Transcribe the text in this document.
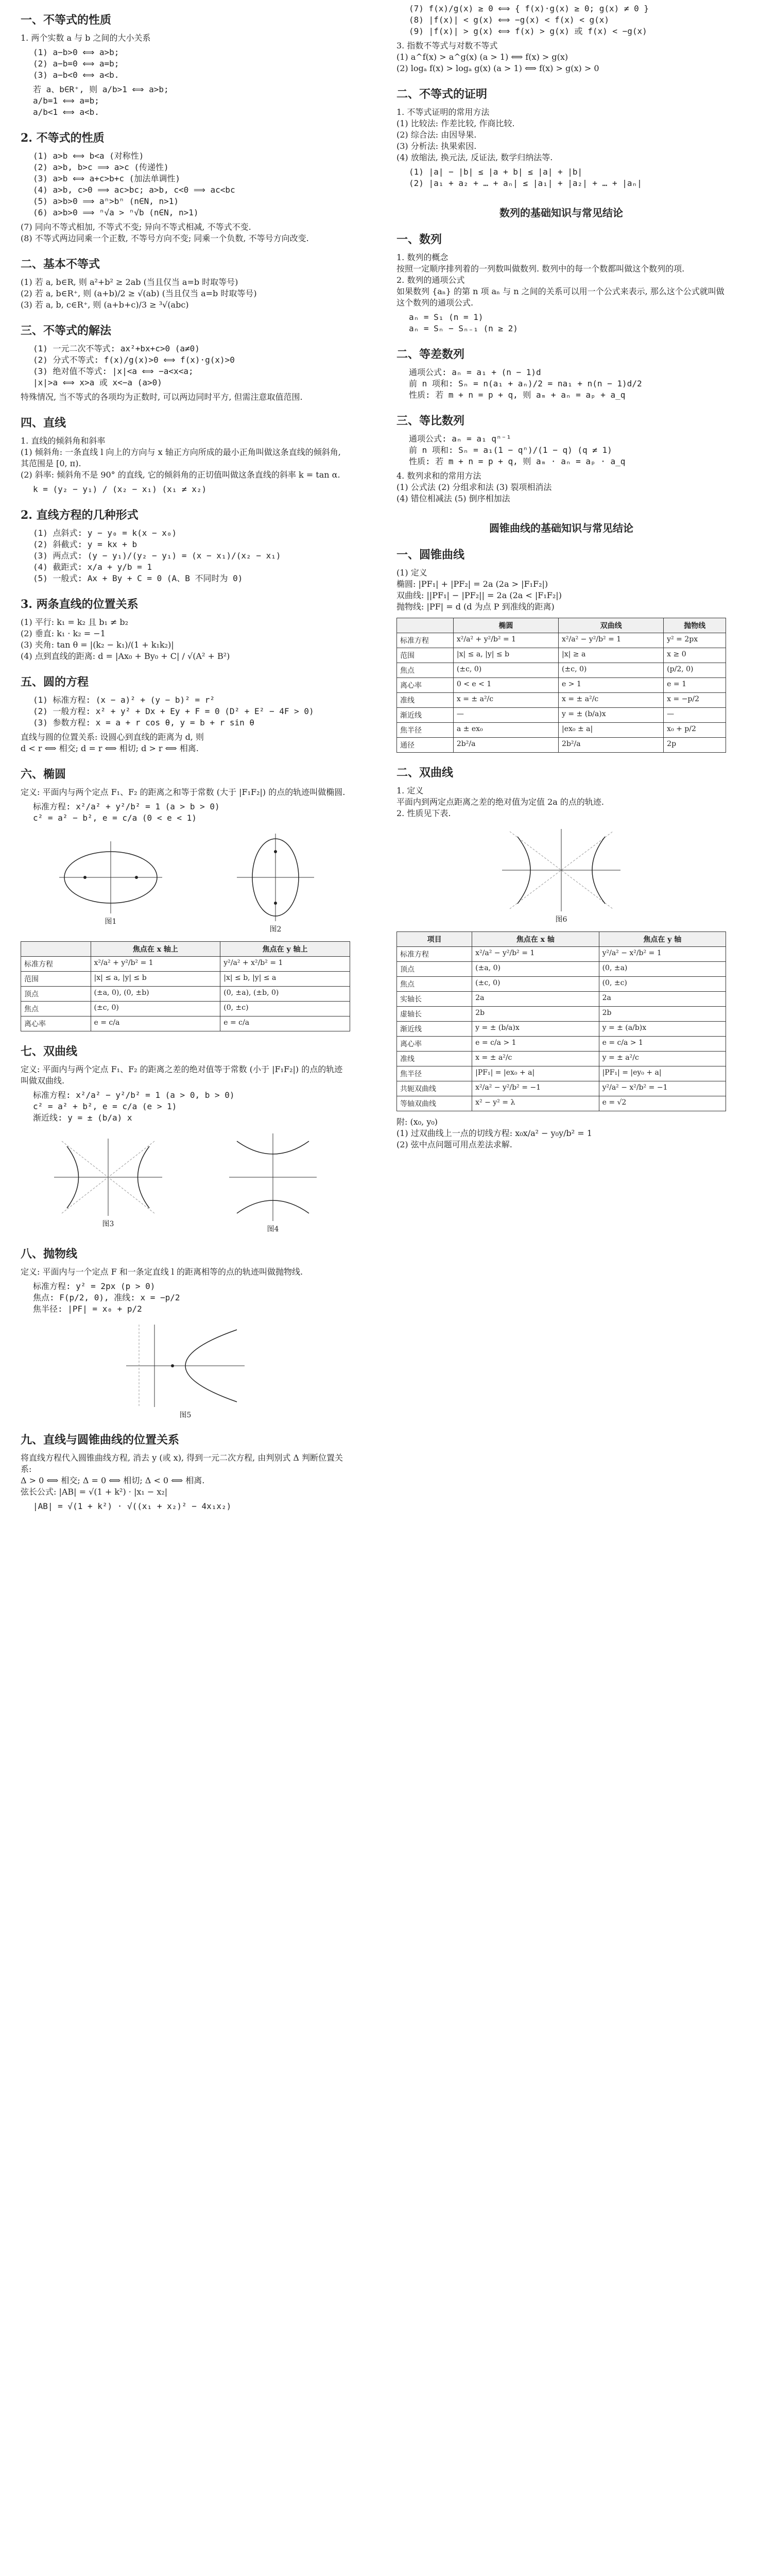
一、不等式的性质
1. 两个实数 a 与 b 之间的大小关系
(1) a−b>0 ⟺ a>b;
(2) a−b=0 ⟺ a=b;
(3) a−b<0 ⟺ a<b.
若 a、b∈R⁺, 则 a/b>1 ⟺ a>b;
a/b=1 ⟺ a=b;
a/b<1 ⟺ a<b.
2. 不等式的性质
(1) a>b ⟺ b<a (对称性)
(2) a>b, b>c ⟹ a>c (传递性)
(3) a>b ⟺ a+c>b+c (加法单调性)
(4) a>b, c>0 ⟹ ac>bc; a>b, c<0 ⟹ ac<bc
(5) a>b>0 ⟹ aⁿ>bⁿ (n∈N, n>1)
(6) a>b>0 ⟹ ⁿ√a > ⁿ√b (n∈N, n>1)
(7) 同向不等式相加, 不等式不变; 异向不等式相减, 不等式不变.
(8) 不等式两边同乘一个正数, 不等号方向不变; 同乘一个负数, 不等号方向改变.
二、基本不等式
(1) 若 a, b∈R, 则 a²+b² ≥ 2ab (当且仅当 a=b 时取等号)
(2) 若 a, b∈R⁺, 则 (a+b)/2 ≥ √(ab) (当且仅当 a=b 时取等号)
(3) 若 a, b, c∈R⁺, 则 (a+b+c)/3 ≥ ³√(abc)
三、不等式的解法
(1) 一元二次不等式: ax²+bx+c>0 (a≠0)
(2) 分式不等式: f(x)/g(x)>0 ⟺ f(x)·g(x)>0
(3) 绝对值不等式: |x|<a ⟺ −a<x<a;
|x|>a ⟺ x>a 或 x<−a (a>0)
特殊情况, 当不等式的各项均为正数时, 可以两边同时平方, 但需注意取值范围.
四、直线
1. 直线的倾斜角和斜率
(1) 倾斜角: 一条直线 l 向上的方向与 x 轴正方向所成的最小正角叫做这条直线的倾斜角, 其范围是 [0, π).
(2) 斜率: 倾斜角不是 90° 的直线, 它的倾斜角的正切值叫做这条直线的斜率 k = tan α.
k = (y₂ − y₁) / (x₂ − x₁) (x₁ ≠ x₂)
2. 直线方程的几种形式
(1) 点斜式: y − y₀ = k(x − x₀)
(2) 斜截式: y = kx + b
(3) 两点式: (y − y₁)/(y₂ − y₁) = (x − x₁)/(x₂ − x₁)
(4) 截距式: x/a + y/b = 1
(5) 一般式: Ax + By + C = 0 (A、B 不同时为 0)
3. 两条直线的位置关系
(1) 平行: k₁ = k₂ 且 b₁ ≠ b₂
(2) 垂直: k₁ · k₂ = −1
(3) 夹角: tan θ = |(k₂ − k₁)/(1 + k₁k₂)|
(4) 点到直线的距离: d = |Ax₀ + By₀ + C| / √(A² + B²)
五、圆的方程
(1) 标准方程: (x − a)² + (y − b)² = r²
(2) 一般方程: x² + y² + Dx + Ey + F = 0 (D² + E² − 4F > 0)
(3) 参数方程: x = a + r cos θ, y = b + r sin θ
直线与圆的位置关系: 设圆心到直线的距离为 d, 则
d < r ⟺ 相交; d = r ⟺ 相切; d > r ⟺ 相离.
六、椭圆
定义: 平面内与两个定点 F₁、F₂ 的距离之和等于常数 (大于 |F₁F₂|) 的点的轨迹叫做椭圆.
标准方程: x²/a² + y²/b² = 1 (a > b > 0)
c² = a² − b², e = c/a (0 < e < 1)
图1
图2
	焦点在 x 轴上	焦点在 y 轴上
标准方程	x²/a² + y²/b² = 1	y²/a² + x²/b² = 1
范围	|x| ≤ a, |y| ≤ b	|x| ≤ b, |y| ≤ a
顶点	(±a, 0), (0, ±b)	(0, ±a), (±b, 0)
焦点	(±c, 0)	(0, ±c)
离心率	e = c/a	e = c/a
七、双曲线
定义: 平面内与两个定点 F₁、F₂ 的距离之差的绝对值等于常数 (小于 |F₁F₂|) 的点的轨迹叫做双曲线.
标准方程: x²/a² − y²/b² = 1 (a > 0, b > 0)
c² = a² + b², e = c/a (e > 1)
渐近线: y = ± (b/a) x
图3
图4
八、抛物线
定义: 平面内与一个定点 F 和一条定直线 l 的距离相等的点的轨迹叫做抛物线.
标准方程: y² = 2px (p > 0)
焦点: F(p/2, 0), 准线: x = −p/2
焦半径: |PF| = x₀ + p/2
图5
九、直线与圆锥曲线的位置关系
将直线方程代入圆锥曲线方程, 消去 y (或 x), 得到一元二次方程, 由判别式 Δ 判断位置关系:
Δ > 0 ⟺ 相交; Δ = 0 ⟺ 相切; Δ < 0 ⟺ 相离.
弦长公式: |AB| = √(1 + k²) · |x₁ − x₂|
|AB| = √(1 + k²) · √((x₁ + x₂)² − 4x₁x₂)
(7) f(x)/g(x) ≥ 0 ⟺ { f(x)·g(x) ≥ 0; g(x) ≠ 0 }
(8) |f(x)| < g(x) ⟺ −g(x) < f(x) < g(x)
(9) |f(x)| > g(x) ⟺ f(x) > g(x) 或 f(x) < −g(x)
3. 指数不等式与对数不等式
(1) a^f(x) > a^g(x) (a > 1) ⟺ f(x) > g(x)
(2) logₐ f(x) > logₐ g(x) (a > 1) ⟺ f(x) > g(x) > 0
二、不等式的证明
1. 不等式证明的常用方法
(1) 比较法: 作差比较, 作商比较.
(2) 综合法: 由因导果.
(3) 分析法: 执果索因.
(4) 放缩法, 换元法, 反证法, 数学归纳法等.
(1) |a| − |b| ≤ |a + b| ≤ |a| + |b|
(2) |a₁ + a₂ + … + aₙ| ≤ |a₁| + |a₂| + … + |aₙ|
数列的基础知识与常见结论
一、数列
1. 数列的概念
按照一定顺序排列着的一列数叫做数列. 数列中的每一个数都叫做这个数列的项.
2. 数列的通项公式
如果数列 {aₙ} 的第 n 项 aₙ 与 n 之间的关系可以用一个公式来表示, 那么这个公式就叫做这个数列的通项公式.
aₙ = S₁ (n = 1)
aₙ = Sₙ − Sₙ₋₁ (n ≥ 2)
二、等差数列
通项公式: aₙ = a₁ + (n − 1)d
前 n 项和: Sₙ = n(a₁ + aₙ)/2 = na₁ + n(n − 1)d/2
性质: 若 m + n = p + q, 则 aₘ + aₙ = aₚ + a_q
三、等比数列
通项公式: aₙ = a₁ qⁿ⁻¹
前 n 项和: Sₙ = a₁(1 − qⁿ)/(1 − q) (q ≠ 1)
性质: 若 m + n = p + q, 则 aₘ · aₙ = aₚ · a_q
4. 数列求和的常用方法
(1) 公式法 (2) 分组求和法 (3) 裂项相消法
(4) 错位相减法 (5) 倒序相加法
圆锥曲线的基础知识与常见结论
一、圆锥曲线
(1) 定义
椭圆: |PF₁| + |PF₂| = 2a (2a > |F₁F₂|)
双曲线: ||PF₁| − |PF₂|| = 2a (2a < |F₁F₂|)
抛物线: |PF| = d (d 为点 P 到准线的距离)
	椭圆	双曲线	抛物线
标准方程	x²/a² + y²/b² = 1	x²/a² − y²/b² = 1	y² = 2px
范围	|x| ≤ a, |y| ≤ b	|x| ≥ a	x ≥ 0
焦点	(±c, 0)	(±c, 0)	(p/2, 0)
离心率	0 < e < 1	e > 1	e = 1
准线	x = ± a²/c	x = ± a²/c	x = −p/2
渐近线	—	y = ± (b/a)x	—
焦半径	a ± ex₀	|ex₀ ± a|	x₀ + p/2
通径	2b²/a	2b²/a	2p
二、双曲线
1. 定义
平面内到两定点距离之差的绝对值为定值 2a 的点的轨迹.
2. 性质见下表.
图6
项目	焦点在 x 轴	焦点在 y 轴
标准方程	x²/a² − y²/b² = 1	y²/a² − x²/b² = 1
顶点	(±a, 0)	(0, ±a)
焦点	(±c, 0)	(0, ±c)
实轴长	2a	2a
虚轴长	2b	2b
渐近线	y = ± (b/a)x	y = ± (a/b)x
离心率	e = c/a > 1	e = c/a > 1
准线	x = ± a²/c	y = ± a²/c
焦半径	|PF₁| = |ex₀ + a|	|PF₁| = |ey₀ + a|
共轭双曲线	x²/a² − y²/b² = −1	y²/a² − x²/b² = −1
等轴双曲线	x² − y² = λ	e = √2
附: (x₀, y₀)
(1) 过双曲线上一点的切线方程: x₀x/a² − y₀y/b² = 1
(2) 弦中点问题可用点差法求解.
